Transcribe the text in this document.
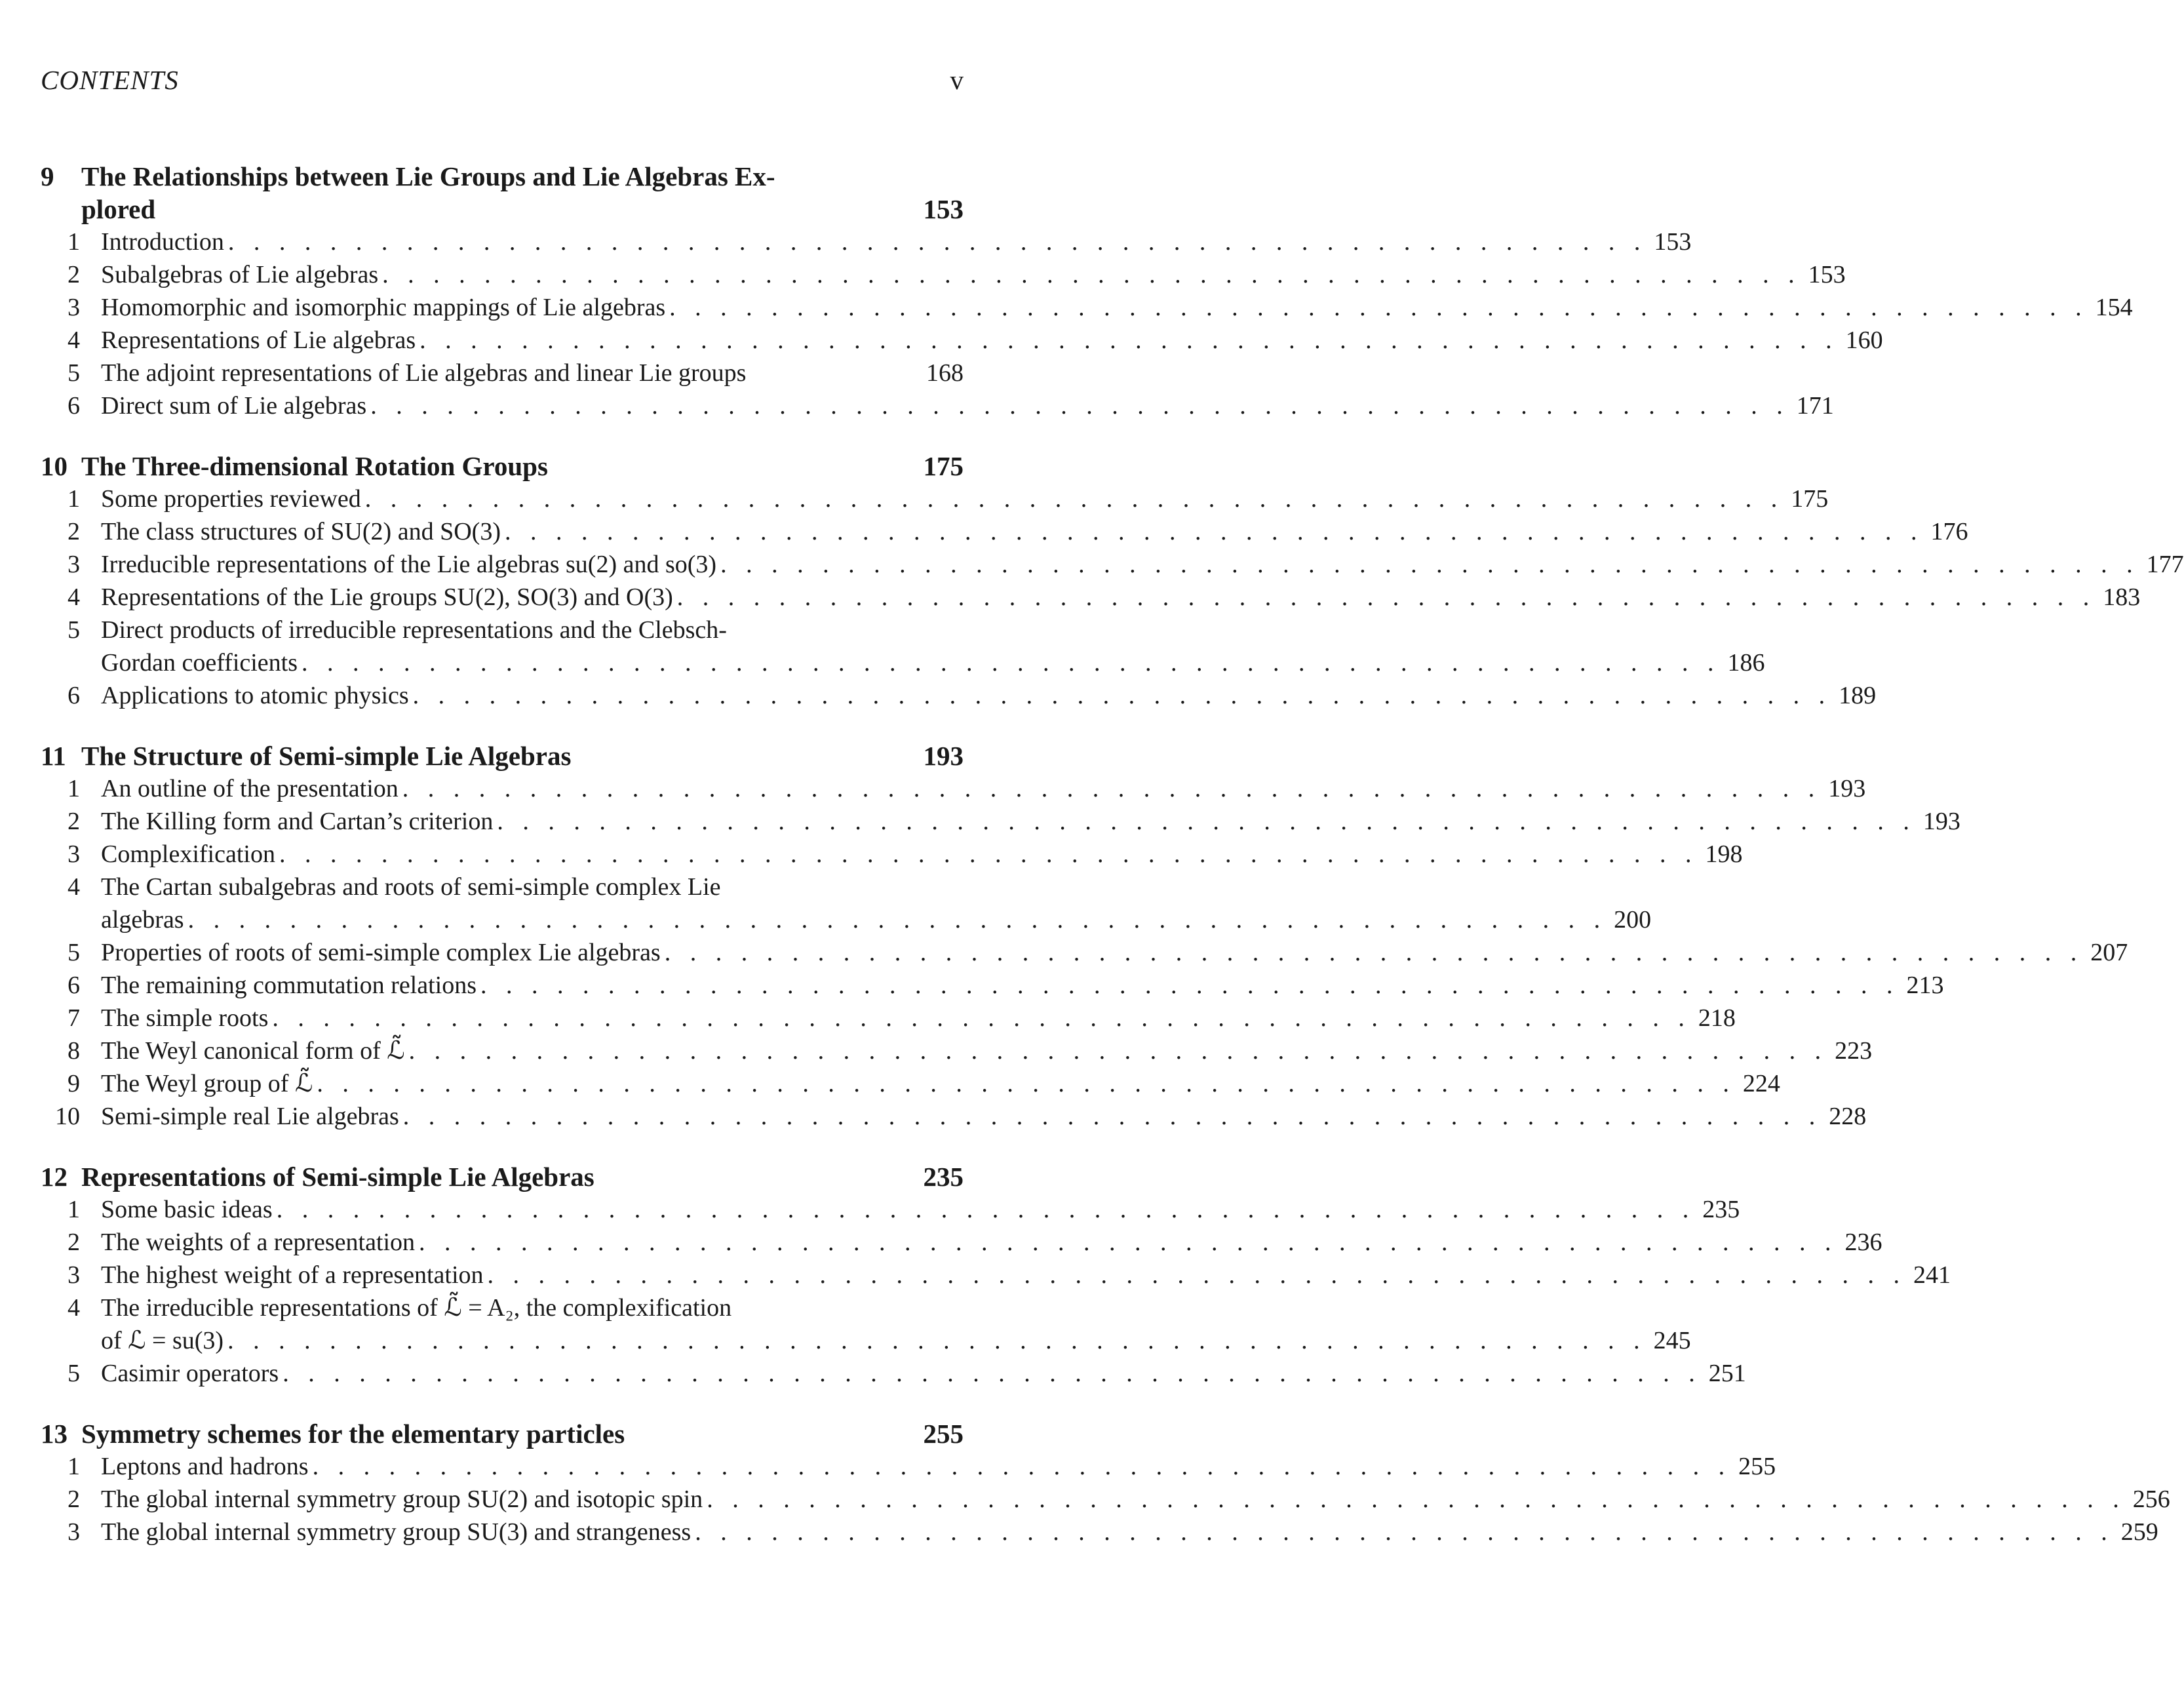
CONTENTS	v
9	The Relationships between Lie Groups and Lie Algebras Ex-
plored	153
1 Introduction . . . . . . . . . . . . . . . . . . . . . . . . . . . . . . . . . . . . . . . . . . . . . . . . . . . . . . . . 153
2 Subalgebras of Lie algebras . . . . . . . . . . . . . . . . . . . . . . . . . . . . . . . . . . . . . . . . . . . . . . . . . . . . . . . . 153
3 Homomorphic and isomorphic mappings of Lie algebras . . . . . . . . . . . . . . . . . . . . . . . . . . . . . . . . . . . . . . . . . . . . . . . . . . . . . . . . 154
4 Representations of Lie algebras . . . . . . . . . . . . . . . . . . . . . . . . . . . . . . . . . . . . . . . . . . . . . . . . . . . . . . . . 160
5 The adjoint representations of Lie algebras and linear Lie groups	168
6 Direct sum of Lie algebras . . . . . . . . . . . . . . . . . . . . . . . . . . . . . . . . . . . . . . . . . . . . . . . . . . . . . . . . 171
10 The Three-dimensional Rotation Groups	175
1 Some properties reviewed . . . . . . . . . . . . . . . . . . . . . . . . . . . . . . . . . . . . . . . . . . . . . . . . . . . . . . . . 175
2 The class structures of SU(2) and SO(3) . . . . . . . . . . . . . . . . . . . . . . . . . . . . . . . . . . . . . . . . . . . . . . . . . . . . . . . . 176
3 Irreducible representations of the Lie algebras su(2) and so(3) . . . . . . . . . . . . . . . . . . . . . . . . . . . . . . . . . . . . . . . . . . . . . . . . . . . . . . . . 177
4 Representations of the Lie groups SU(2), SO(3) and O(3) . . . . . . . . . . . . . . . . . . . . . . . . . . . . . . . . . . . . . . . . . . . . . . . . . . . . . . . . 183
5 Direct products of irreducible representations and the Clebsch-
Gordan coefficients . . . . . . . . . . . . . . . . . . . . . . . . . . . . . . . . . . . . . . . . . . . . . . . . . . . . . . . . 186
6 Applications to atomic physics . . . . . . . . . . . . . . . . . . . . . . . . . . . . . . . . . . . . . . . . . . . . . . . . . . . . . . . . 189
11 The Structure of Semi-simple Lie Algebras	193
1 An outline of the presentation . . . . . . . . . . . . . . . . . . . . . . . . . . . . . . . . . . . . . . . . . . . . . . . . . . . . . . . . 193
2 The Killing form and Cartan’s criterion . . . . . . . . . . . . . . . . . . . . . . . . . . . . . . . . . . . . . . . . . . . . . . . . . . . . . . . . 193
3 Complexification . . . . . . . . . . . . . . . . . . . . . . . . . . . . . . . . . . . . . . . . . . . . . . . . . . . . . . . . 198
4 The Cartan subalgebras and roots of semi-simple complex Lie
algebras . . . . . . . . . . . . . . . . . . . . . . . . . . . . . . . . . . . . . . . . . . . . . . . . . . . . . . . . 200
5 Properties of roots of semi-simple complex Lie algebras . . . . . . . . . . . . . . . . . . . . . . . . . . . . . . . . . . . . . . . . . . . . . . . . . . . . . . . . 207
6 The remaining commutation relations . . . . . . . . . . . . . . . . . . . . . . . . . . . . . . . . . . . . . . . . . . . . . . . . . . . . . . . . 213
7 The simple roots . . . . . . . . . . . . . . . . . . . . . . . . . . . . . . . . . . . . . . . . . . . . . . . . . . . . . . . . 218
8 The Weyl canonical form of ℒ̃ . . . . . . . . . . . . . . . . . . . . . . . . . . . . . . . . . . . . . . . . . . . . . . . . . . . . . . . . 223
9 The Weyl group of ℒ̃ . . . . . . . . . . . . . . . . . . . . . . . . . . . . . . . . . . . . . . . . . . . . . . . . . . . . . . . . 224
10 Semi-simple real Lie algebras . . . . . . . . . . . . . . . . . . . . . . . . . . . . . . . . . . . . . . . . . . . . . . . . . . . . . . . . 228
12 Representations of Semi-simple Lie Algebras	235
1 Some basic ideas . . . . . . . . . . . . . . . . . . . . . . . . . . . . . . . . . . . . . . . . . . . . . . . . . . . . . . . . 235
2 The weights of a representation . . . . . . . . . . . . . . . . . . . . . . . . . . . . . . . . . . . . . . . . . . . . . . . . . . . . . . . . 236
3 The highest weight of a representation . . . . . . . . . . . . . . . . . . . . . . . . . . . . . . . . . . . . . . . . . . . . . . . . . . . . . . . . 241
4 The irreducible representations of ℒ̃ = A₂, the complexification
of ℒ = su(3) . . . . . . . . . . . . . . . . . . . . . . . . . . . . . . . . . . . . . . . . . . . . . . . . . . . . . . . . 245
5 Casimir operators . . . . . . . . . . . . . . . . . . . . . . . . . . . . . . . . . . . . . . . . . . . . . . . . . . . . . . . . 251
13 Symmetry schemes for the elementary particles	255
1 Leptons and hadrons . . . . . . . . . . . . . . . . . . . . . . . . . . . . . . . . . . . . . . . . . . . . . . . . . . . . . . . . 255
2 The global internal symmetry group SU(2) and isotopic spin . . . . . . . . . . . . . . . . . . . . . . . . . . . . . . . . . . . . . . . . . . . . . . . . . . . . . . . . 256
3 The global internal symmetry group SU(3) and strangeness . . . . . . . . . . . . . . . . . . . . . . . . . . . . . . . . . . . . . . . . . . . . . . . . . . . . . . . . 259
